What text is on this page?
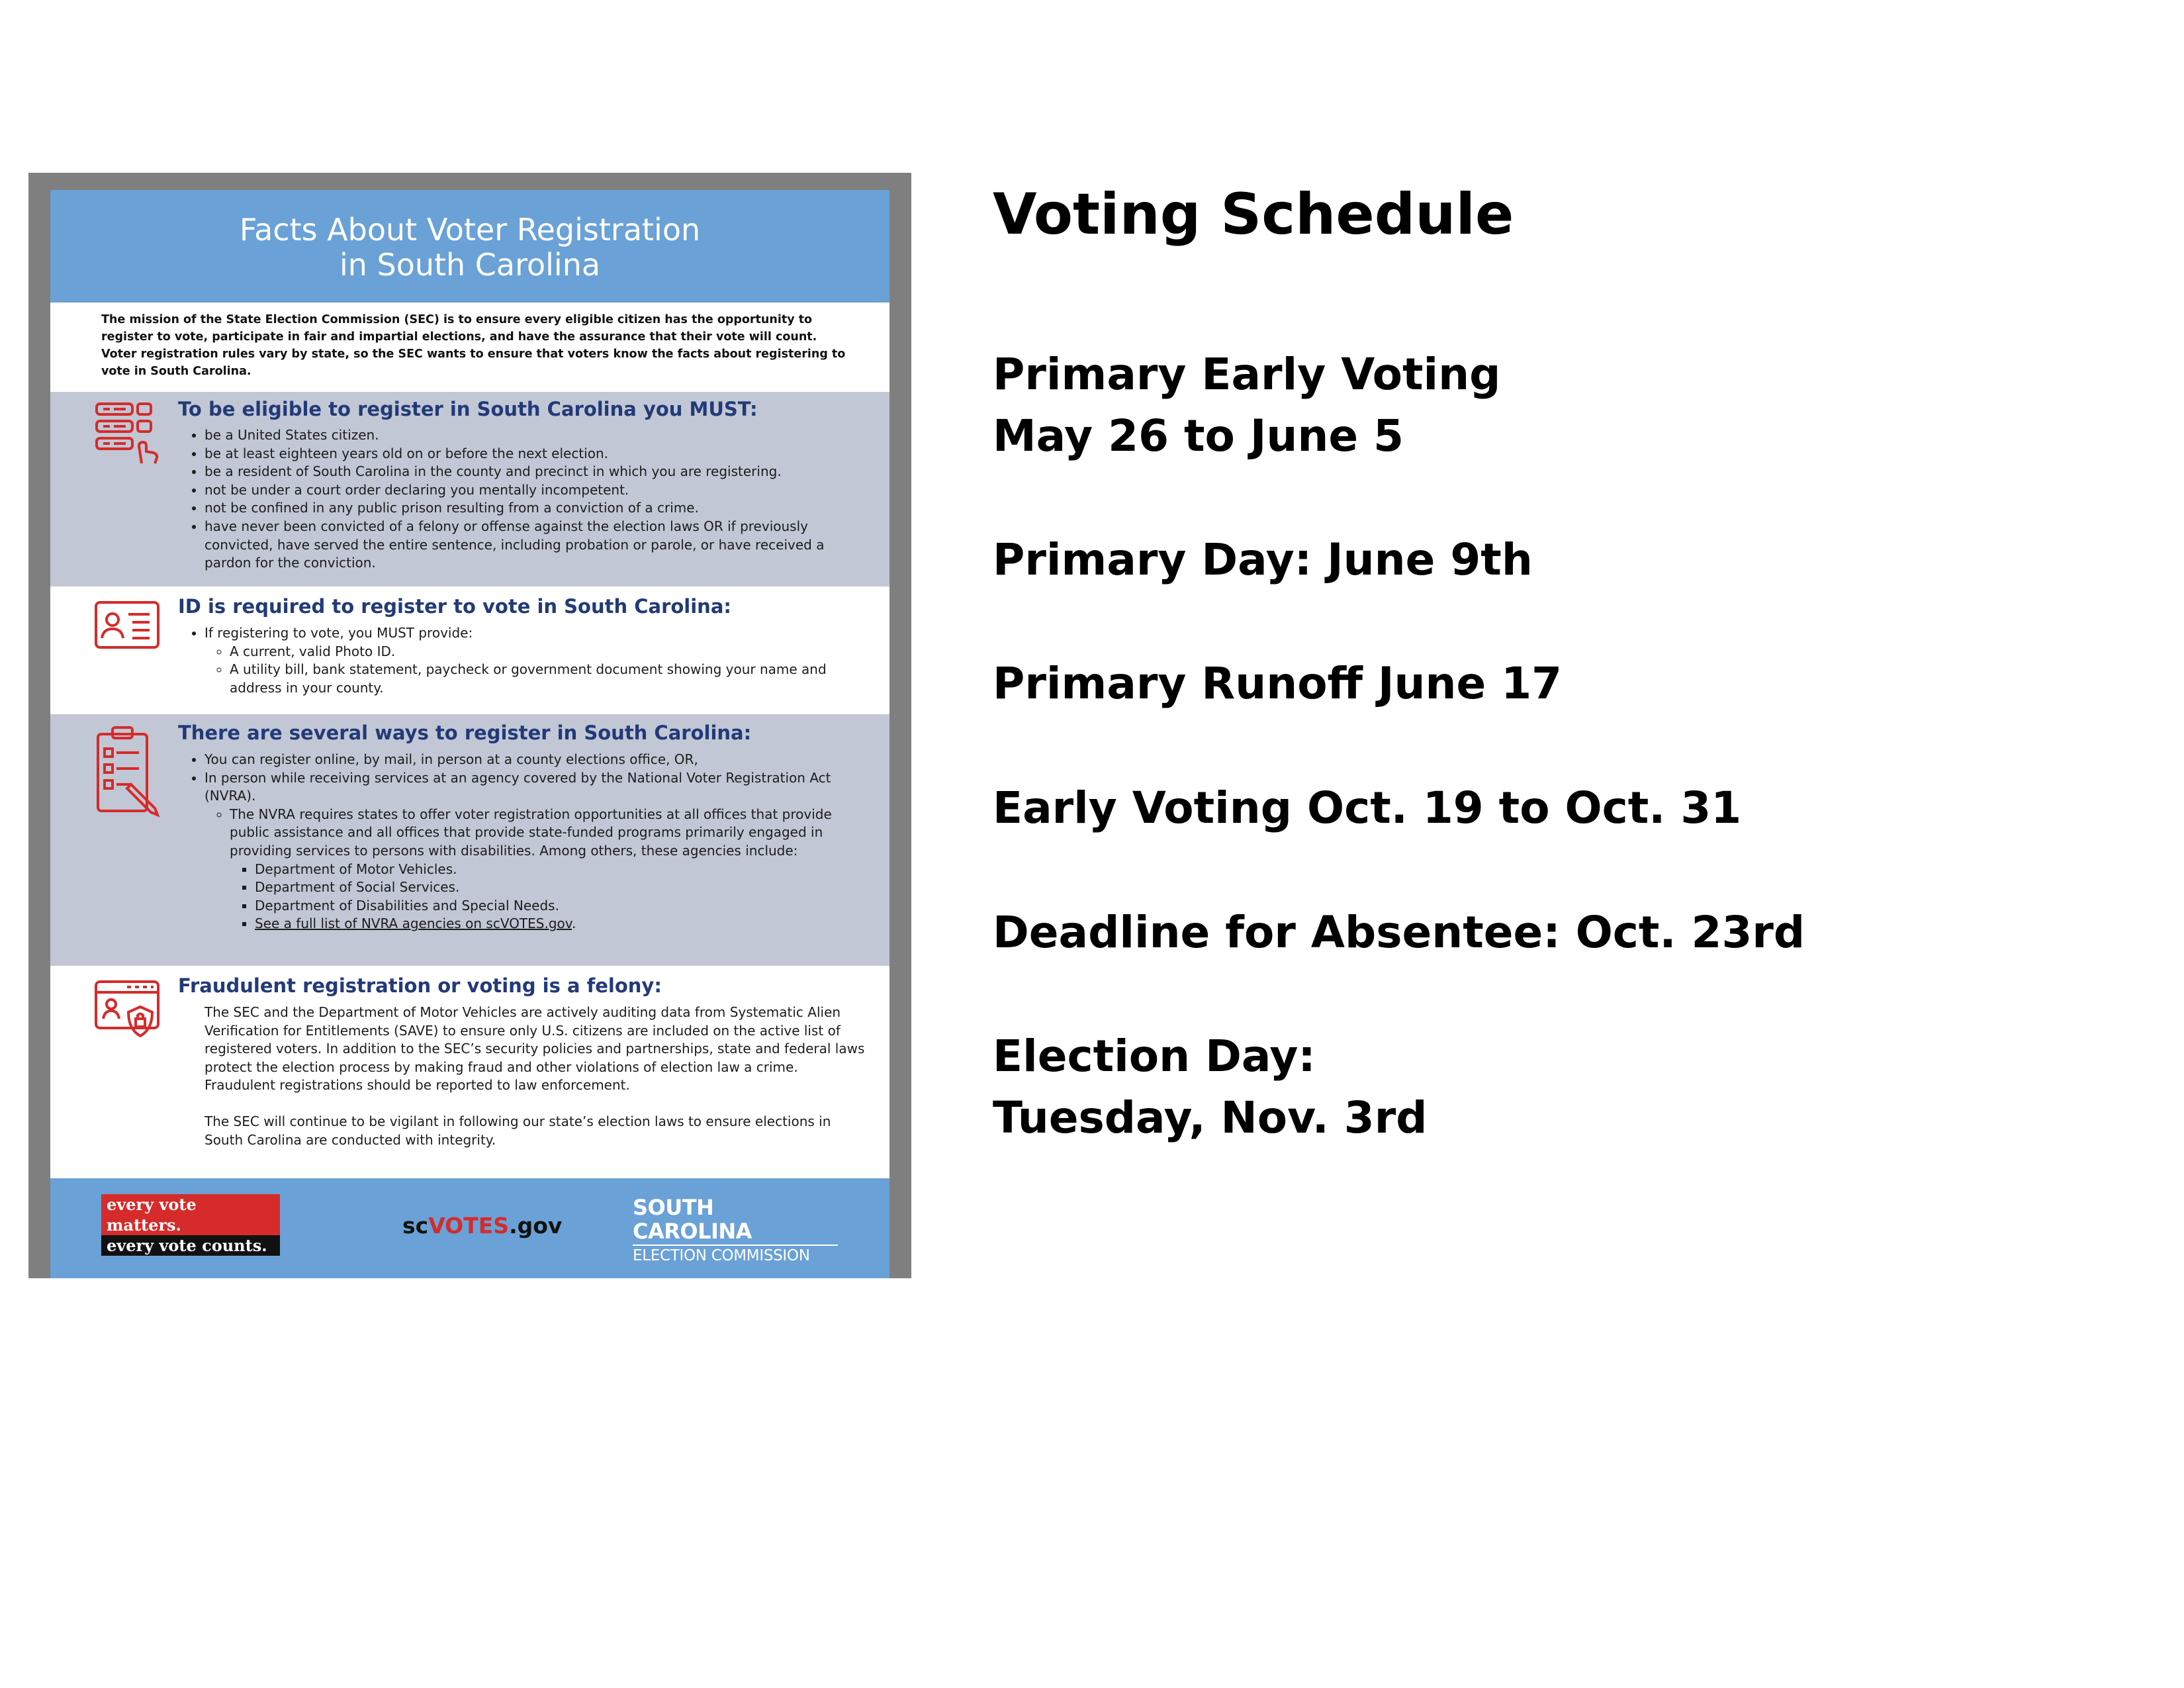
Facts About Voter Registration
in South Carolina

The mission of the State Election Commission (SEC) is to ensure every eligible citizen has the opportunity to register to vote, participate in fair and impartial elections, and have the assurance that their vote will count. Voter registration rules vary by state, so the SEC wants to ensure that voters know the facts about registering to vote in South Carolina.

To be eligible to register in South Carolina you MUST:
• be a United States citizen.
• be at least eighteen years old on or before the next election.
• be a resident of South Carolina in the county and precinct in which you are registering.
• not be under a court order declaring you mentally incompetent.
• not be confined in any public prison resulting from a conviction of a crime.
• have never been convicted of a felony or offense against the election laws OR if previously convicted, have served the entire sentence, including probation or parole, or have received a pardon for the conviction.
ID is required to register to vote in South Carolina:
• If registering to vote, you MUST provide:
◦ A current, valid Photo ID.
◦ A utility bill, bank statement, paycheck or government document showing your name and address in your county.
There are several ways to register in South Carolina:
• You can register online, by mail, in person at a county elections office, OR,
• In person while receiving services at an agency covered by the National Voter Registration Act (NVRA).
◦ The NVRA requires states to offer voter registration opportunities at all offices that provide public assistance and all offices that provide state-funded programs primarily engaged in providing services to persons with disabilities. Among others, these agencies include:
▪ Department of Motor Vehicles.
▪ Department of Social Services.
▪ Department of Disabilities and Special Needs.
▪ See a full list of NVRA agencies on scVOTES.gov.
Fraudulent registration or voting is a felony:

The SEC and the Department of Motor Vehicles are actively auditing data from Systematic Alien Verification for Entitlements (SAVE) to ensure only U.S. citizens are included on the active list of registered voters. In addition to the SEC’s security policies and partnerships, state and federal laws protect the election process by making fraud and other violations of election law a crime. Fraudulent registrations should be reported to law enforcement.

The SEC will continue to be vigilant in following our state’s election laws to ensure elections in South Carolina are conducted with integrity.

every vote matters.
every vote counts.
scVOTES.gov
SOUTH CAROLINA
ELECTION COMMISSION
Voting Schedule
Primary Early Voting
May 26 to June 5
Primary Day: June 9th
Primary Runoff June 17
Early Voting Oct. 19 to Oct. 31
Deadline for Absentee: Oct. 23rd
Election Day:
Tuesday, Nov. 3rd
